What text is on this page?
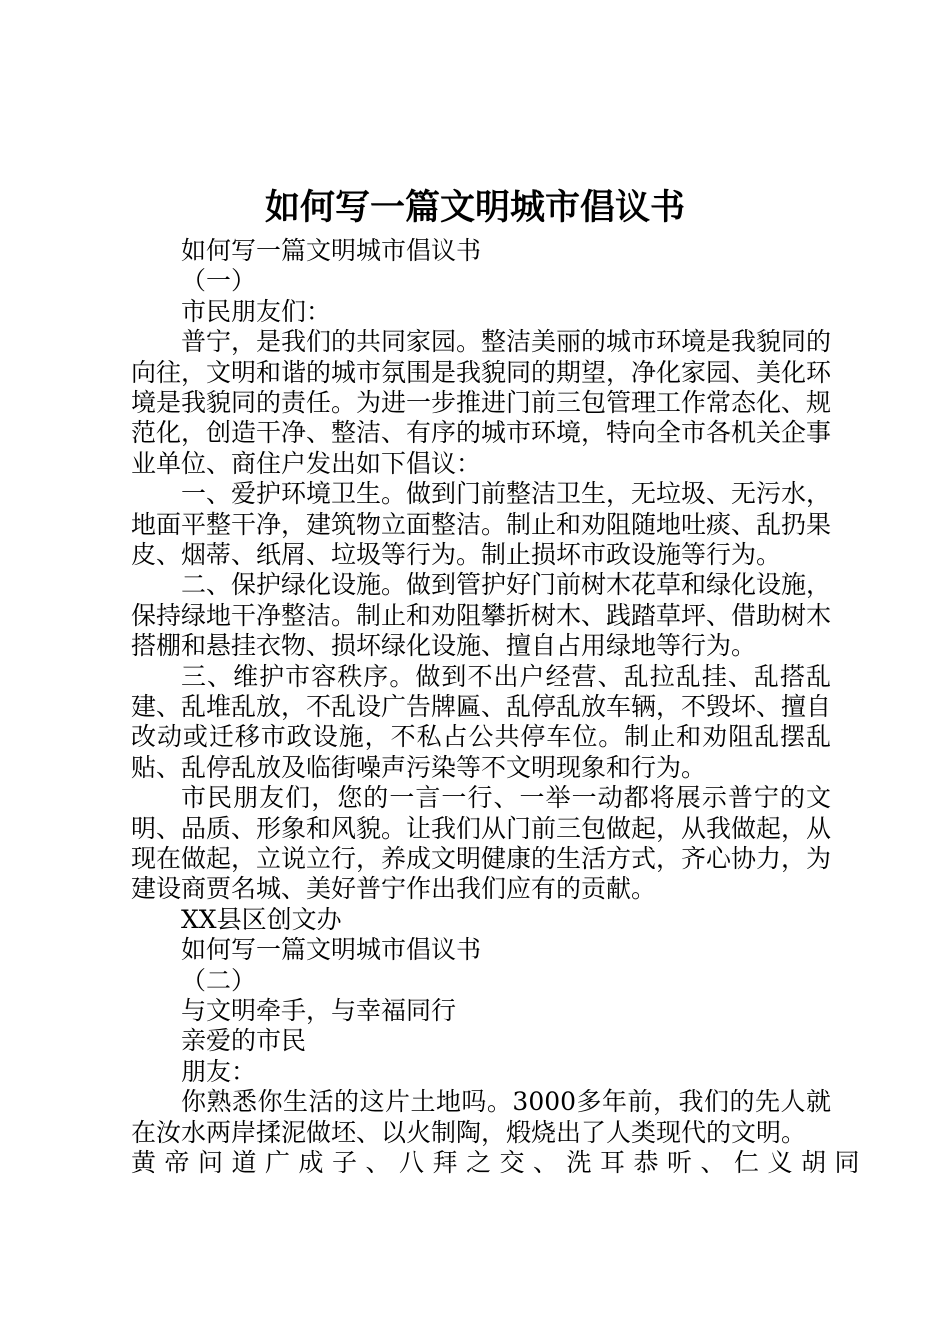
如何写一篇文明城市倡议书
如何写一篇文明城市倡议书
（一）
市民朋友们：
普宁，是我们的共同家园。整洁美丽的城市环境是我貌同的向往，文明和谐的城市氛围是我貌同的期望，净化家园、美化环境是我貌同的责任。为进一步推进门前三包管理工作常态化、规范化，创造干净、整洁、有序的城市环境，特向全市各机关企事业单位、商住户发出如下倡议：
一、爱护环境卫生。做到门前整洁卫生，无垃圾、无污水，地面平整干净，建筑物立面整洁。制止和劝阻随地吐痰、乱扔果皮、烟蒂、纸屑、垃圾等行为。制止损坏市政设施等行为。
二、保护绿化设施。做到管护好门前树木花草和绿化设施，保持绿地干净整洁。制止和劝阻攀折树木、践踏草坪、借助树木搭棚和悬挂衣物、损坏绿化设施、擅自占用绿地等行为。
三、维护市容秩序。做到不出户经营、乱拉乱挂、乱搭乱建、乱堆乱放，不乱设广告牌匾、乱停乱放车辆，不毁坏、擅自改动或迁移市政设施，不私占公共停车位。制止和劝阻乱摆乱贴、乱停乱放及临街噪声污染等不文明现象和行为。
市民朋友们，您的一言一行、一举一动都将展示普宁的文明、品质、形象和风貌。让我们从门前三包做起，从我做起，从现在做起，立说立行，养成文明健康的生活方式，齐心协力，为建设商贾名城、美好普宁作出我们应有的贡献。
XX县区创文办
如何写一篇文明城市倡议书
（二）
与文明牵手，与幸福同行
亲爱的市民
朋友：
你熟悉你生活的这片土地吗。3000多年前，我们的先人就在汝水两岸揉泥做坯、以火制陶，煅烧出了人类现代的文明。
黄帝问道广成子、八拜之交、洗耳恭听、仁义胡同
